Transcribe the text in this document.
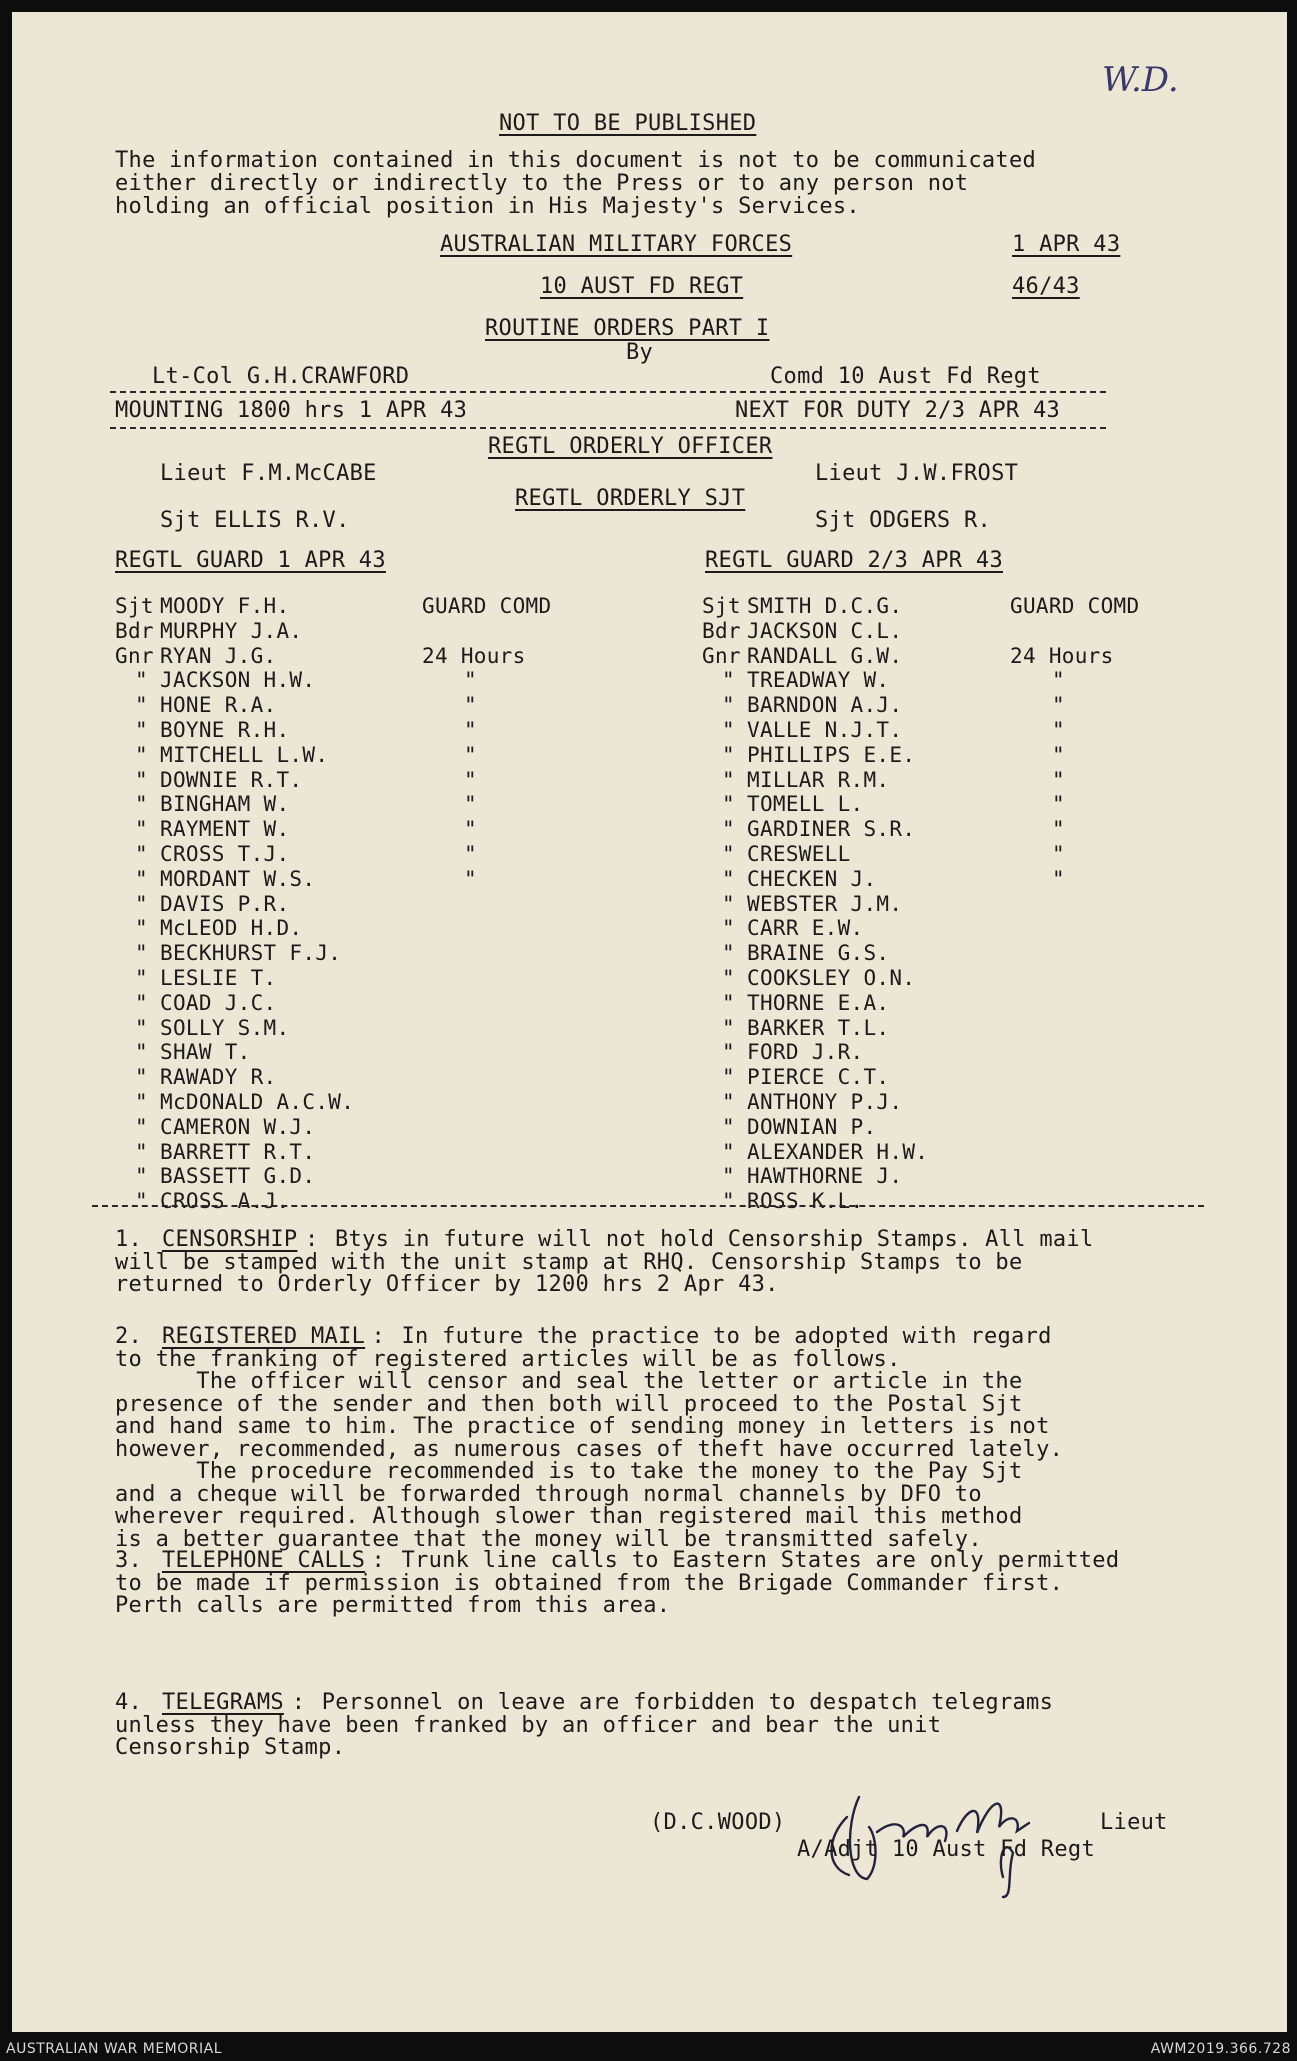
W.D.
NOT TO BE PUBLISHED
The information contained in this document is not to be communicated
either directly or indirectly to the Press or to any person not
holding an official position in His Majesty's Services.
AUSTRALIAN MILITARY FORCES	1 APR 43
10 AUST FD REGT	46/43
ROUTINE ORDERS PART I
By
Lt-Col G.H.CRAWFORD	Comd 10 Aust Fd Regt
MOUNTING 1800 hrs 1 APR 43	NEXT FOR DUTY 2/3 APR 43
REGTL ORDERLY OFFICER
Lieut F.M.McCABE	Lieut J.W.FROST
REGTL ORDERLY SJT
Sjt ELLIS R.V.	Sjt ODGERS R.
REGTL GUARD 1 APR 43	REGTL GUARD 2/3 APR 43
Sjt MOODY F.H.	GUARD COMD
Bdr MURPHY J.A.
Gnr RYAN J.G.	24 Hours
" JACKSON H.W.	"
" HONE R.A.	"
" BOYNE R.H.	"
" MITCHELL L.W.	"
" DOWNIE R.T.	"
" BINGHAM W.	"
" RAYMENT W.	"
" CROSS T.J.	"
" MORDANT W.S.	"
" DAVIS P.R.
" McLEOD H.D.
" BECKHURST F.J.
" LESLIE T.
" COAD J.C.
" SOLLY S.M.
" SHAW T.
" RAWADY R.
" McDONALD A.C.W.
" CAMERON W.J.
" BARRETT R.T.
" BASSETT G.D.
" CROSS A.J.
Sjt SMITH D.C.G.	GUARD COMD
Bdr JACKSON C.L.
Gnr RANDALL G.W.	24 Hours
" TREADWAY W.	"
" BARNDON A.J.	"
" VALLE N.J.T.	"
" PHILLIPS E.E.	"
" MILLAR R.M.	"
" TOMELL L.	"
" GARDINER S.R.	"
" CRESWELL	"
" CHECKEN J.	"
" WEBSTER J.M.
" CARR E.W.
" BRAINE G.S.
" COOKSLEY O.N.
" THORNE E.A.
" BARKER T.L.
" FORD J.R.
" PIERCE C.T.
" ANTHONY P.J.
" DOWNIAN P.
" ALEXANDER H.W.
" HAWTHORNE J.
" ROSS K.L.
1. CENSORSHIP : Btys in future will not hold Censorship Stamps. All mail
will be stamped with the unit stamp at RHQ. Censorship Stamps to be
returned to Orderly Officer by 1200 hrs 2 Apr 43.
2. REGISTERED MAIL : In future the practice to be adopted with regard
to the franking of registered articles will be as follows.
The officer will censor and seal the letter or article in the
presence of the sender and then both will proceed to the Postal Sjt
and hand same to him. The practice of sending money in letters is not
however, recommended, as numerous cases of theft have occurred lately.
The procedure recommended is to take the money to the Pay Sjt
and a cheque will be forwarded through normal channels by DFO to
wherever required. Although slower than registered mail this method
is a better guarantee that the money will be transmitted safely.
3. TELEPHONE CALLS : Trunk line calls to Eastern States are only permitted
to be made if permission is obtained from the Brigade Commander first.
Perth calls are permitted from this area.
4. TELEGRAMS : Personnel on leave are forbidden to despatch telegrams
unless they have been franked by an officer and bear the unit
Censorship Stamp.
(D.C.WOOD)	Lieut
A/Adjt 10 Aust Fd Regt
AUSTRALIAN WAR MEMORIAL	AWM2019.366.728
